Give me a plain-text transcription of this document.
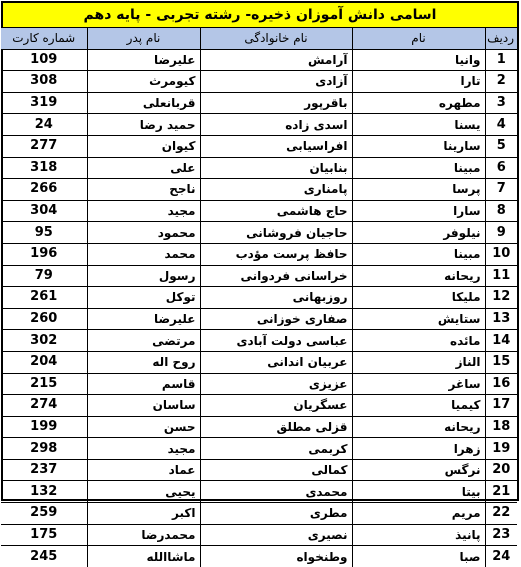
اسامی دانش آموزان ذخیره- رشته تجربی - پایه دهم
ردیف	نام	نام خانوادگی	نام پدر	شماره کارت
1	وانیا	آرامش	علیرضا	109
2	تارا	آزادی	کیومرث	308
3	مطهره	باقرپور	قربانعلی	319
4	یسنا	اسدی زاده	حمید رضا	24
5	سارینا	افراسیابی	کیوان	277
6	مبینا	بنابیان	علی	318
7	پرسا	پامناری	ناجح	266
8	سارا	حاج هاشمی	مجید	304
9	نیلوفر	حاجیان فروشانی	محمود	95
10	مبینا	حافظ پرست مؤدب	محمد	196
11	ریحانه	خراسانی فردوانی	رسول	79
12	ملیکا	روزبهانی	توکل	261
13	ستایش	صفاری خوزانی	علیرضا	260
14	مائده	عباسی دولت آبادی	مرتضی	302
15	الناز	عربیان اندانی	روح اله	204
16	ساغر	عزیزی	قاسم	215
17	کیمیا	عسگریان	ساسان	274
18	ریحانه	قزلی مطلق	حسن	199
19	زهرا	کربمی	مجید	298
20	نرگس	کمالی	عماد	237
21	بیتا	محمدی	یحیی	132
22	مریم	مطری	اکبر	259
23	پانیذ	نصیری	محمدرضا	175
24	صبا	وطنخواه	ماشاالله	245
